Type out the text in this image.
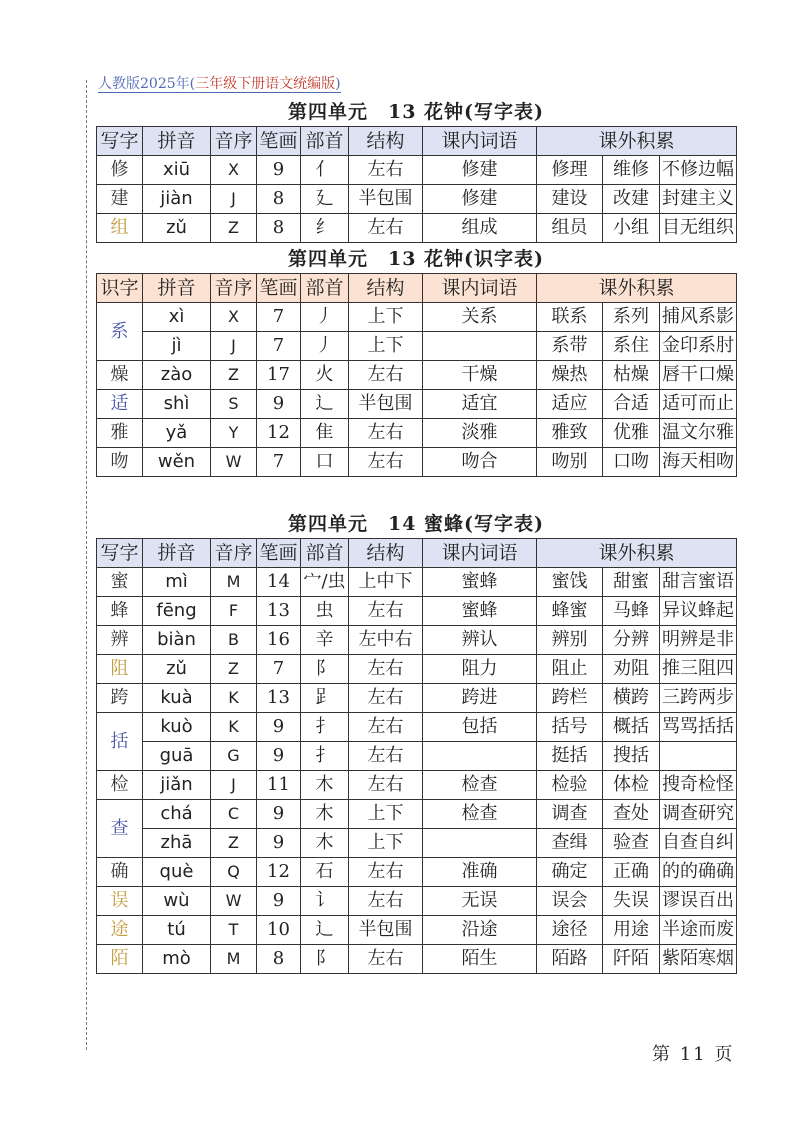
人教版2025年(三年级下册语文统编版)
第四单元　13 花钟(写字表)
写字	拼音	音序	笔画	部首	结构	课内词语	课外积累		
修	xiū	X	9	亻	左右	修建	修理	维修	不修边幅
建	jiàn	J	8	廴	半包围	修建	建设	改建	封建主义
组	zǔ	Z	8	纟	左右	组成	组员	小组	目无组织
第四单元　13 花钟(识字表)
识字	拼音	音序	笔画	部首	结构	课内词语	课外积累		
系	xì	X	7	丿	上下	关系	联系	系列	捕风系影
	jì	J	7	丿	上下		系带	系住	金印系肘
燥	zào	Z	17	火	左右	干燥	燥热	枯燥	唇干口燥
适	shì	S	9	辶	半包围	适宜	适应	合适	适可而止
雅	yǎ	Y	12	隹	左右	淡雅	雅致	优雅	温文尔雅
吻	wěn	W	7	口	左右	吻合	吻别	口吻	海天相吻
第四单元　14 蜜蜂(写字表)
写字	拼音	音序	笔画	部首	结构	课内词语	课外积累		
蜜	mì	M	14	宀/虫	上中下	蜜蜂	蜜饯	甜蜜	甜言蜜语
蜂	fēng	F	13	虫	左右	蜜蜂	蜂蜜	马蜂	异议蜂起
辨	biàn	B	16	辛	左中右	辨认	辨别	分辨	明辨是非
阻	zǔ	Z	7	阝	左右	阻力	阻止	劝阻	推三阻四
跨	kuà	K	13	𧾷	左右	跨进	跨栏	横跨	三跨两步
括	kuò	K	9	扌	左右	包括	括号	概括	骂骂括括
	guā	G	9	扌	左右		挺括	搜括	
检	jiǎn	J	11	木	左右	检查	检验	体检	搜奇检怪
查	chá	C	9	木	上下	检查	调查	查处	调查研究
	zhā	Z	9	木	上下		查缉	验查	自查自纠
确	què	Q	12	石	左右	准确	确定	正确	的的确确
误	wù	W	9	讠	左右	无误	误会	失误	谬误百出
途	tú	T	10	辶	半包围	沿途	途径	用途	半途而废
陌	mò	M	8	阝	左右	陌生	陌路	阡陌	紫陌寒烟
第 11 页
